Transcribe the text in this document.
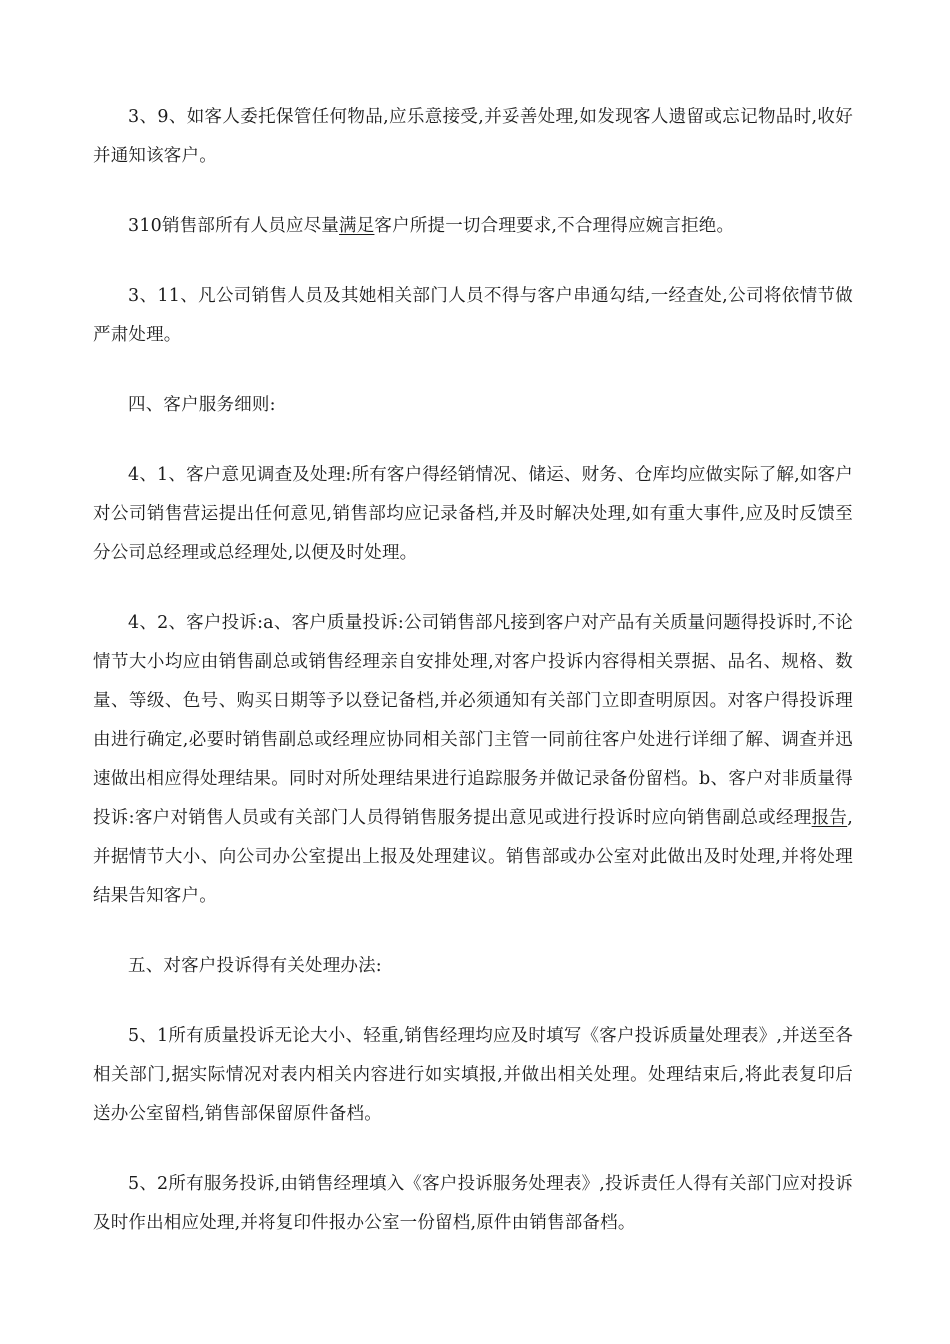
3、9、如客人委托保管任何物品,应乐意接受,并妥善处理,如发现客人遗留或忘记物品时,收好并通知该客户。

310销售部所有人员应尽量满足客户所提一切合理要求,不合理得应婉言拒绝。

3、11、凡公司销售人员及其她相关部门人员不得与客户串通勾结,一经查处,公司将依情节做严肃处理。

四、客户服务细则:

4、1、客户意见调查及处理:所有客户得经销情况、储运、财务、仓库均应做实际了解,如客户对公司销售营运提出任何意见,销售部均应记录备档,并及时解决处理,如有重大事件,应及时反馈至分公司总经理或总经理处,以便及时处理。

4、2、客户投诉:a、客户质量投诉:公司销售部凡接到客户对产品有关质量问题得投诉时,不论情节大小均应由销售副总或销售经理亲自安排处理,对客户投诉内容得相关票据、品名、规格、数量、等级、色号、购买日期等予以登记备档,并必须通知有关部门立即查明原因。对客户得投诉理由进行确定,必要时销售副总或经理应协同相关部门主管一同前往客户处进行详细了解、调查并迅速做出相应得处理结果。同时对所处理结果进行追踪服务并做记录备份留档。b、客户对非质量得投诉:客户对销售人员或有关部门人员得销售服务提出意见或进行投诉时应向销售副总或经理报告,并据情节大小、向公司办公室提出上报及处理建议。销售部或办公室对此做出及时处理,并将处理结果告知客户。

五、对客户投诉得有关处理办法:

5、1所有质量投诉无论大小、轻重,销售经理均应及时填写《客户投诉质量处理表》,并送至各相关部门,据实际情况对表内相关内容进行如实填报,并做出相关处理。处理结束后,将此表复印后送办公室留档,销售部保留原件备档。

5、2所有服务投诉,由销售经理填入《客户投诉服务处理表》,投诉责任人得有关部门应对投诉及时作出相应处理,并将复印件报办公室一份留档,原件由销售部备档。
